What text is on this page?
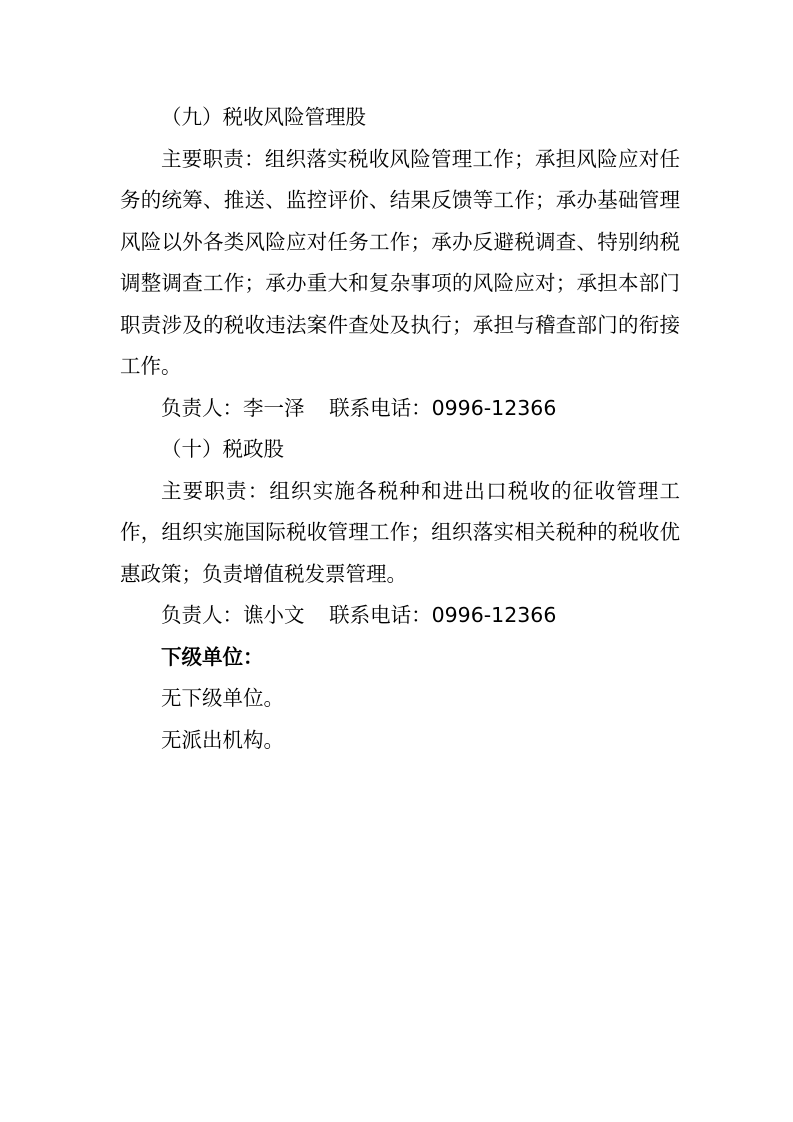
（九）税收风险管理股

主要职责：组织落实税收风险管理工作；承担风险应对任务的统筹、推送、监控评价、结果反馈等工作；承办基础管理风险以外各类风险应对任务工作；承办反避税调查、特别纳税调整调查工作；承办重大和复杂事项的风险应对；承担本部门职责涉及的税收违法案件查处及执行；承担与稽查部门的衔接工作。

负责人：李一泽 联系电话：0996-12366

（十）税政股

主要职责：组织实施各税种和进出口税收的征收管理工作，组织实施国际税收管理工作；组织落实相关税种的税收优惠政策；负责增值税发票管理。

负责人：谯小文 联系电话：0996-12366

下级单位：

无下级单位。

无派出机构。
